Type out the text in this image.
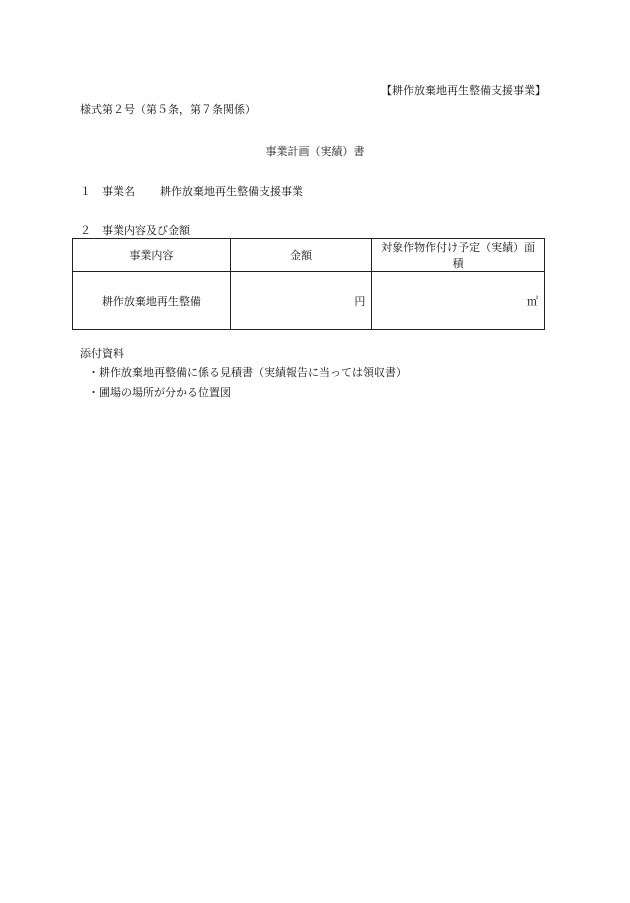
【耕作放棄地再生整備支援事業】
様式第２号（第５条，第７条関係）
事業計画（実績）書
１ 事業名 耕作放棄地再生整備支援事業
２ 事業内容及び金額
事業内容	金額	対象作物作付け予定（実績）面積
耕作放棄地再生整備	円	㎡
添付資料
・耕作放棄地再整備に係る見積書（実績報告に当っては領収書）
・圃場の場所が分かる位置図
